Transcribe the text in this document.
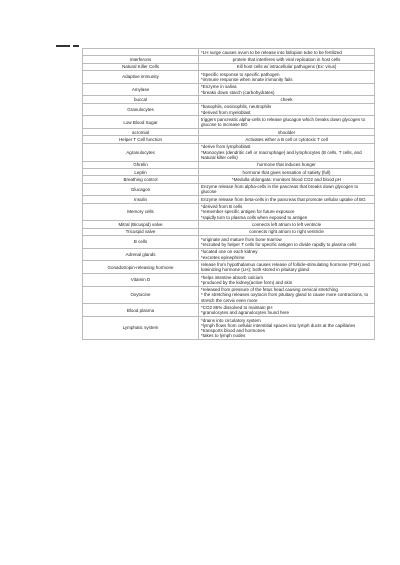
	*LH surge causes ovum to be release into fallopian tube to be fertilized

Interferons	protein that interferes with viral replication in host cells

Natural Killer Cells	Kill host cells w/ intracellular pathogens (Ex: virus)

Adaptive immunity	*Specific response to specific pathogen
*immune response when innate immunity fails

Amylase	*Enzyme in saliva
*breaks down starch (carbohydrates)

buccal	cheek

Granulocytes	*basophils, eosinophils, neutrophils
*derived from myeloblast

Low Blood Sugar	triggers pancreatic alpha-cells to release glucagon which breaks down glycogen to glucose to increase BG

acromial	shoulder

Helper T Cell function	Activates either a B cell or cytotoxic T cell

Agranulocytes	*derive from lymphoblast
*Monocytes (dendritic cell or macrophage) and lymphocytes (B cells, T cells, and Natural killer cells)

Ghrelin	hormone that induces hunger

Leptin	hormone that gives sensation of satiety (full)

Breathing control	*Medulla oblongata: monitors blood CO2 and blood pH

Glucagon	Enzyme release from alpha-cells in the pancreas that breaks down glycogen to glucose

Insulin	Enzyme release from beta-cells in the pancreas that promote cellular uptake of BG

Memory cells	*derived from B cells
*remember specific antigen for future exposure
*rapidly turn to plasma cells when exposed to antigen

Mitral (Bicuspid) valve	connects left atrium to left ventricle

Tricuspid valve	connects right atrium to right ventricle

B cells	*originate and mature from bone marrow
*recruited by helper T cells for specific antigen to divide rapidly to plasma cells

Adrenal glands	*located one on each kidney
*excretes epinephrine

Gonadotropin-releasing hormone	release from hypothalamus causes release of follicle-stimulating hormone (FSH) and luteinizing hormone (LH); both stored in pituitary gland

Vitamin D	*helps intestine absorb calcium
*produced by the kidney(active form) and skin

Oxytocine	*released from pressure of the fetus head causing cervical stretching
* the stretching releases oxytocin from pituitary gland to cause more contractions, to stretch the cervix even more

Blood plasma	*CO2 85% dissolved to maintain pH
*granulocytes and agranulocytes found here

Lymphatic system	*drains into circulatory system
*lymph flows from cellular interstitial spaces into lymph ducts at the capillaries
*transports blood and hormones
*takes to lymph nodes
